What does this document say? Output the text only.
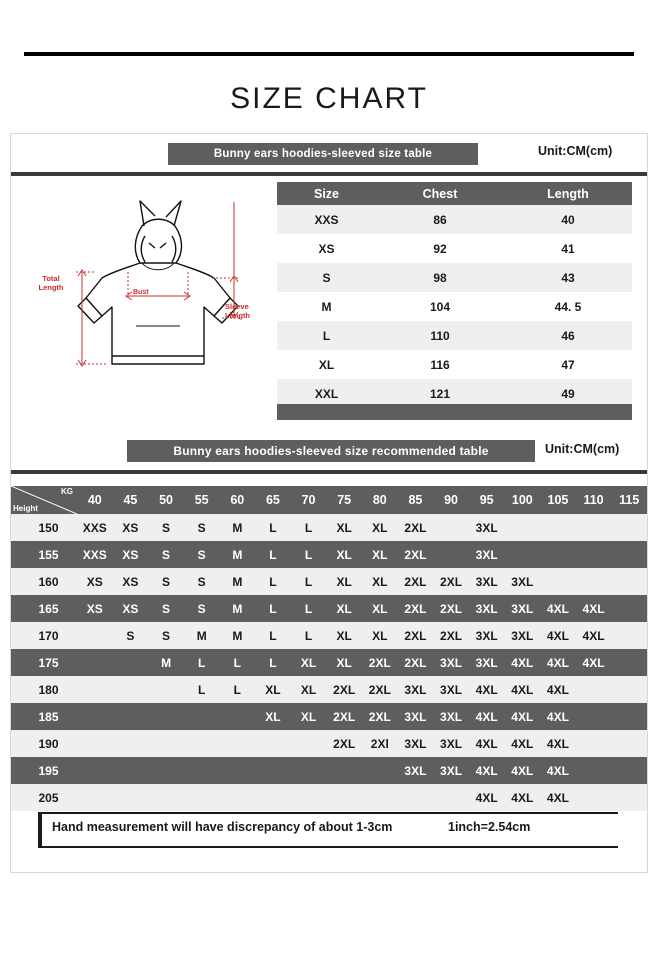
SIZE CHART
Bunny ears hoodies-sleeved size table	Unit:CM(cm)
Total
Length
Bust
Sleeve
Length
Size	Chest	Length
XXS	86	40
XS	92	41
S	98	43
M	104	44. 5
L	110	46
XL	116	47
XXL	121	49
Bunny ears hoodies-sleeved size recommended table	Unit:CM(cm)
KG
Height	40	45	50	55	60	65	70	75	80	85	90	95	100	105	110	115
150	XXS	XS	S	S	M	L	L	XL	XL	2XL		3XL				
155	XXS	XS	S	S	M	L	L	XL	XL	2XL		3XL				
160	XS	XS	S	S	M	L	L	XL	XL	2XL	2XL	3XL	3XL			
165	XS	XS	S	S	M	L	L	XL	XL	2XL	2XL	3XL	3XL	4XL	4XL	
170		S	S	M	M	L	L	XL	XL	2XL	2XL	3XL	3XL	4XL	4XL	
175			M	L	L	L	XL	XL	2XL	2XL	3XL	3XL	4XL	4XL	4XL	
180				L	L	XL	XL	2XL	2XL	3XL	3XL	4XL	4XL	4XL		
185						XL	XL	2XL	2XL	3XL	3XL	4XL	4XL	4XL		
190								2XL	2Xl	3XL	3XL	4XL	4XL	4XL		
195										3XL	3XL	4XL	4XL	4XL		
205												4XL	4XL	4XL		
Hand measurement will have discrepancy of about 1-3cm	1inch=2.54cm
